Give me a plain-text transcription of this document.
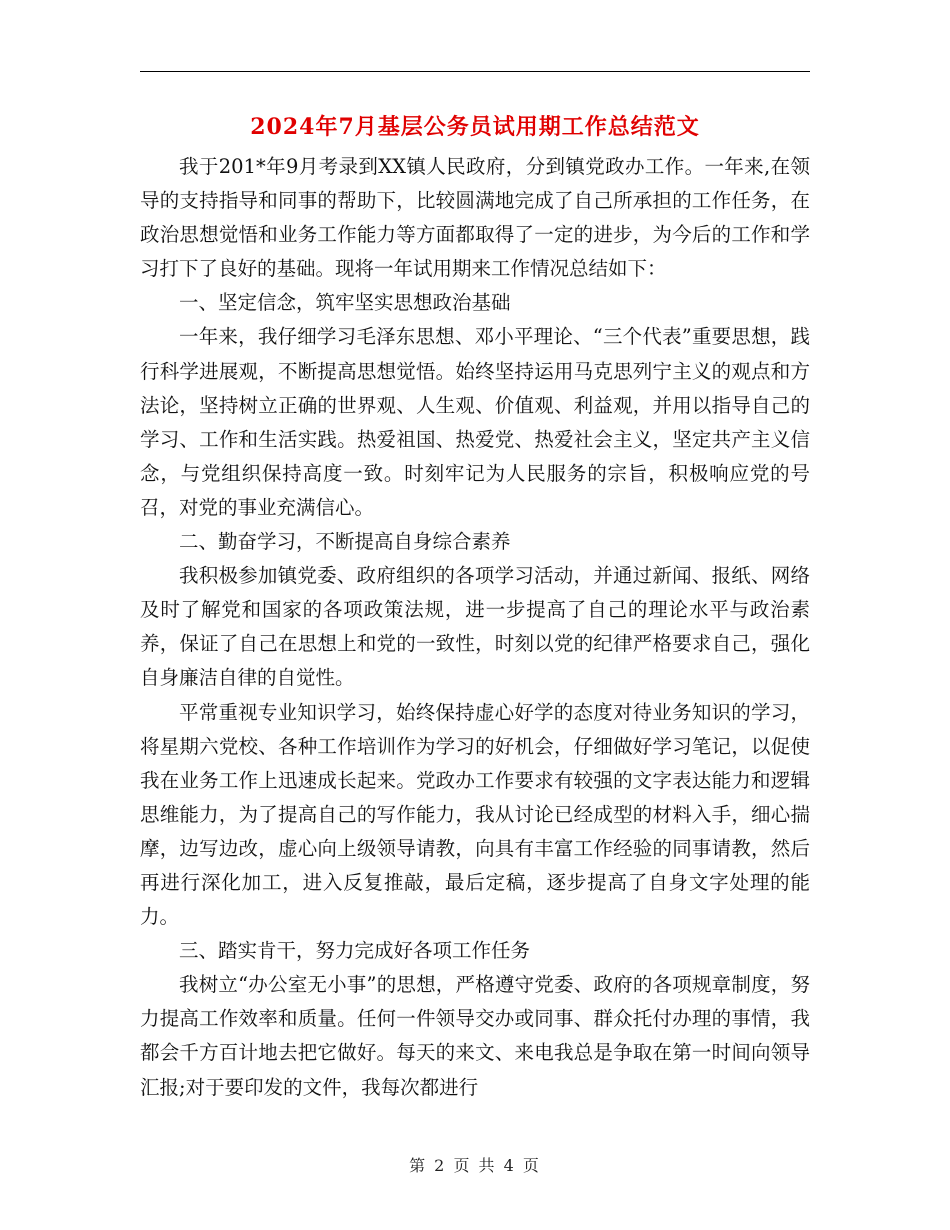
2024年7月基层公务员试用期工作总结范文

我于201*年9月考录到XX镇人民政府，分到镇党政办工作。一年来,在领导的支持指导和同事的帮助下，比较圆满地完成了自己所承担的工作任务，在政治思想觉悟和业务工作能力等方面都取得了一定的进步，为今后的工作和学习打下了良好的基础。现将一年试用期来工作情况总结如下：

一、坚定信念，筑牢坚实思想政治基础

一年来，我仔细学习毛泽东思想、邓小平理论、“三个代表”重要思想，践行科学进展观，不断提高思想觉悟。始终坚持运用马克思列宁主义的观点和方法论，坚持树立正确的世界观、人生观、价值观、利益观，并用以指导自己的学习、工作和生活实践。热爱祖国、热爱党、热爱社会主义，坚定共产主义信念，与党组织保持高度一致。时刻牢记为人民服务的宗旨，积极响应党的号召，对党的事业充满信心。

二、勤奋学习，不断提高自身综合素养

我积极参加镇党委、政府组织的各项学习活动，并通过新闻、报纸、网络及时了解党和国家的各项政策法规，进一步提高了自己的理论水平与政治素养，保证了自己在思想上和党的一致性，时刻以党的纪律严格要求自己，强化自身廉洁自律的自觉性。

平常重视专业知识学习，始终保持虚心好学的态度对待业务知识的学习，将星期六党校、各种工作培训作为学习的好机会，仔细做好学习笔记，以促使我在业务工作上迅速成长起来。党政办工作要求有较强的文字表达能力和逻辑思维能力，为了提高自己的写作能力，我从讨论已经成型的材料入手，细心揣摩，边写边改，虚心向上级领导请教，向具有丰富工作经验的同事请教，然后再进行深化加工，进入反复推敲，最后定稿，逐步提高了自身文字处理的能力。

三、踏实肯干，努力完成好各项工作任务

我树立“办公室无小事”的思想，严格遵守党委、政府的各项规章制度，努力提高工作效率和质量。任何一件领导交办或同事、群众托付办理的事情，我都会千方百计地去把它做好。每天的来文、来电我总是争取在第一时间向领导汇报;对于要印发的文件，我每次都进行

第 2 页 共 4 页
